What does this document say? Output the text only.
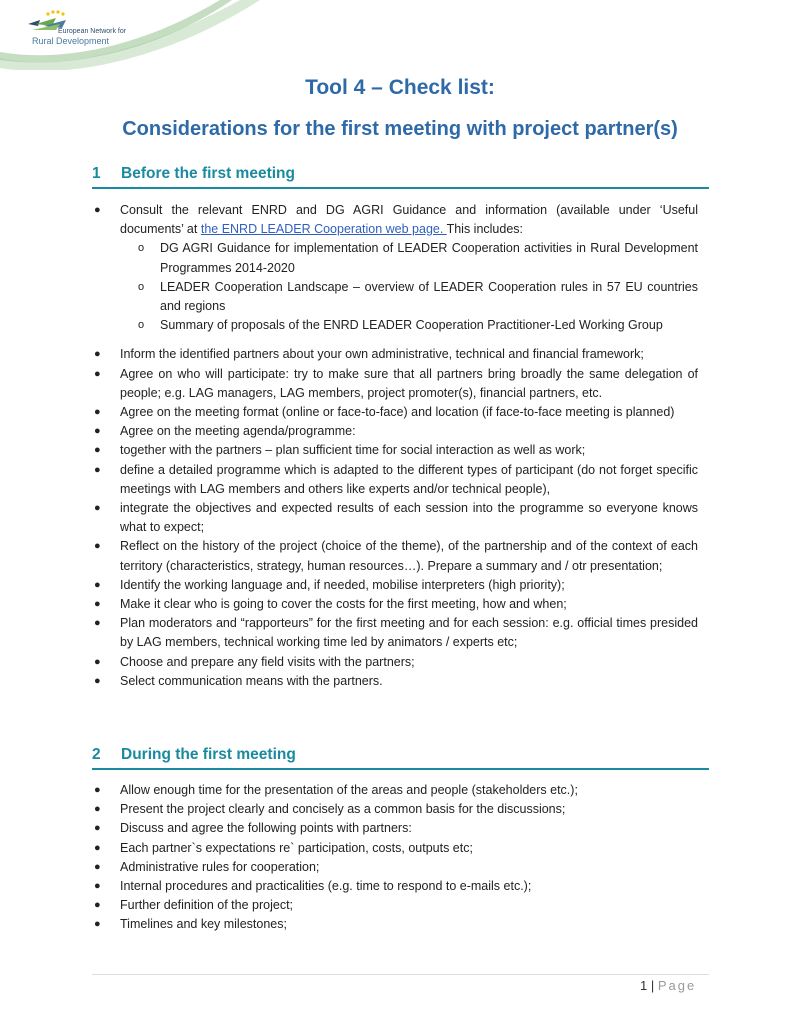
European Network for
Rural Development
Tool 4 – Check list:
Considerations for the first meeting with project partner(s)
1 Before the first meeting
● Consult the relevant ENRD and DG AGRI Guidance and information (available under ‘Useful documents’ at the ENRD LEADER Cooperation web page. This includes:
o DG AGRI Guidance for implementation of LEADER Cooperation activities in Rural Development Programmes 2014-2020
o LEADER Cooperation Landscape – overview of LEADER Cooperation rules in 57 EU countries and regions
o Summary of proposals of the ENRD LEADER Cooperation Practitioner-Led Working Group
● Inform the identified partners about your own administrative, technical and financial framework;
● Agree on who will participate: try to make sure that all partners bring broadly the same delegation of people; e.g. LAG managers, LAG members, project promoter(s), financial partners, etc.
● Agree on the meeting format (online or face-to-face) and location (if face-to-face meeting is planned)
● Agree on the meeting agenda/programme:
● together with the partners – plan sufficient time for social interaction as well as work;
● define a detailed programme which is adapted to the different types of participant (do not forget specific meetings with LAG members and others like experts and/or technical people),
● integrate the objectives and expected results of each session into the programme so everyone knows what to expect;
● Reflect on the history of the project (choice of the theme), of the partnership and of the context of each territory (characteristics, strategy, human resources…). Prepare a summary and / otr presentation;
● Identify the working language and, if needed, mobilise interpreters (high priority);
● Make it clear who is going to cover the costs for the first meeting, how and when;
● Plan moderators and “rapporteurs” for the first meeting and for each session: e.g. official times presided by LAG members, technical working time led by animators / experts etc;
● Choose and prepare any field visits with the partners;
● Select communication means with the partners.
2 During the first meeting
● Allow enough time for the presentation of the areas and people (stakeholders etc.);
● Present the project clearly and concisely as a common basis for the discussions;
● Discuss and agree the following points with partners:
● Each partner`s expectations re` participation, costs, outputs etc;
● Administrative rules for cooperation;
● Internal procedures and practicalities (e.g. time to respond to e-mails etc.);
● Further definition of the project;
● Timelines and key milestones;
1 | Page
